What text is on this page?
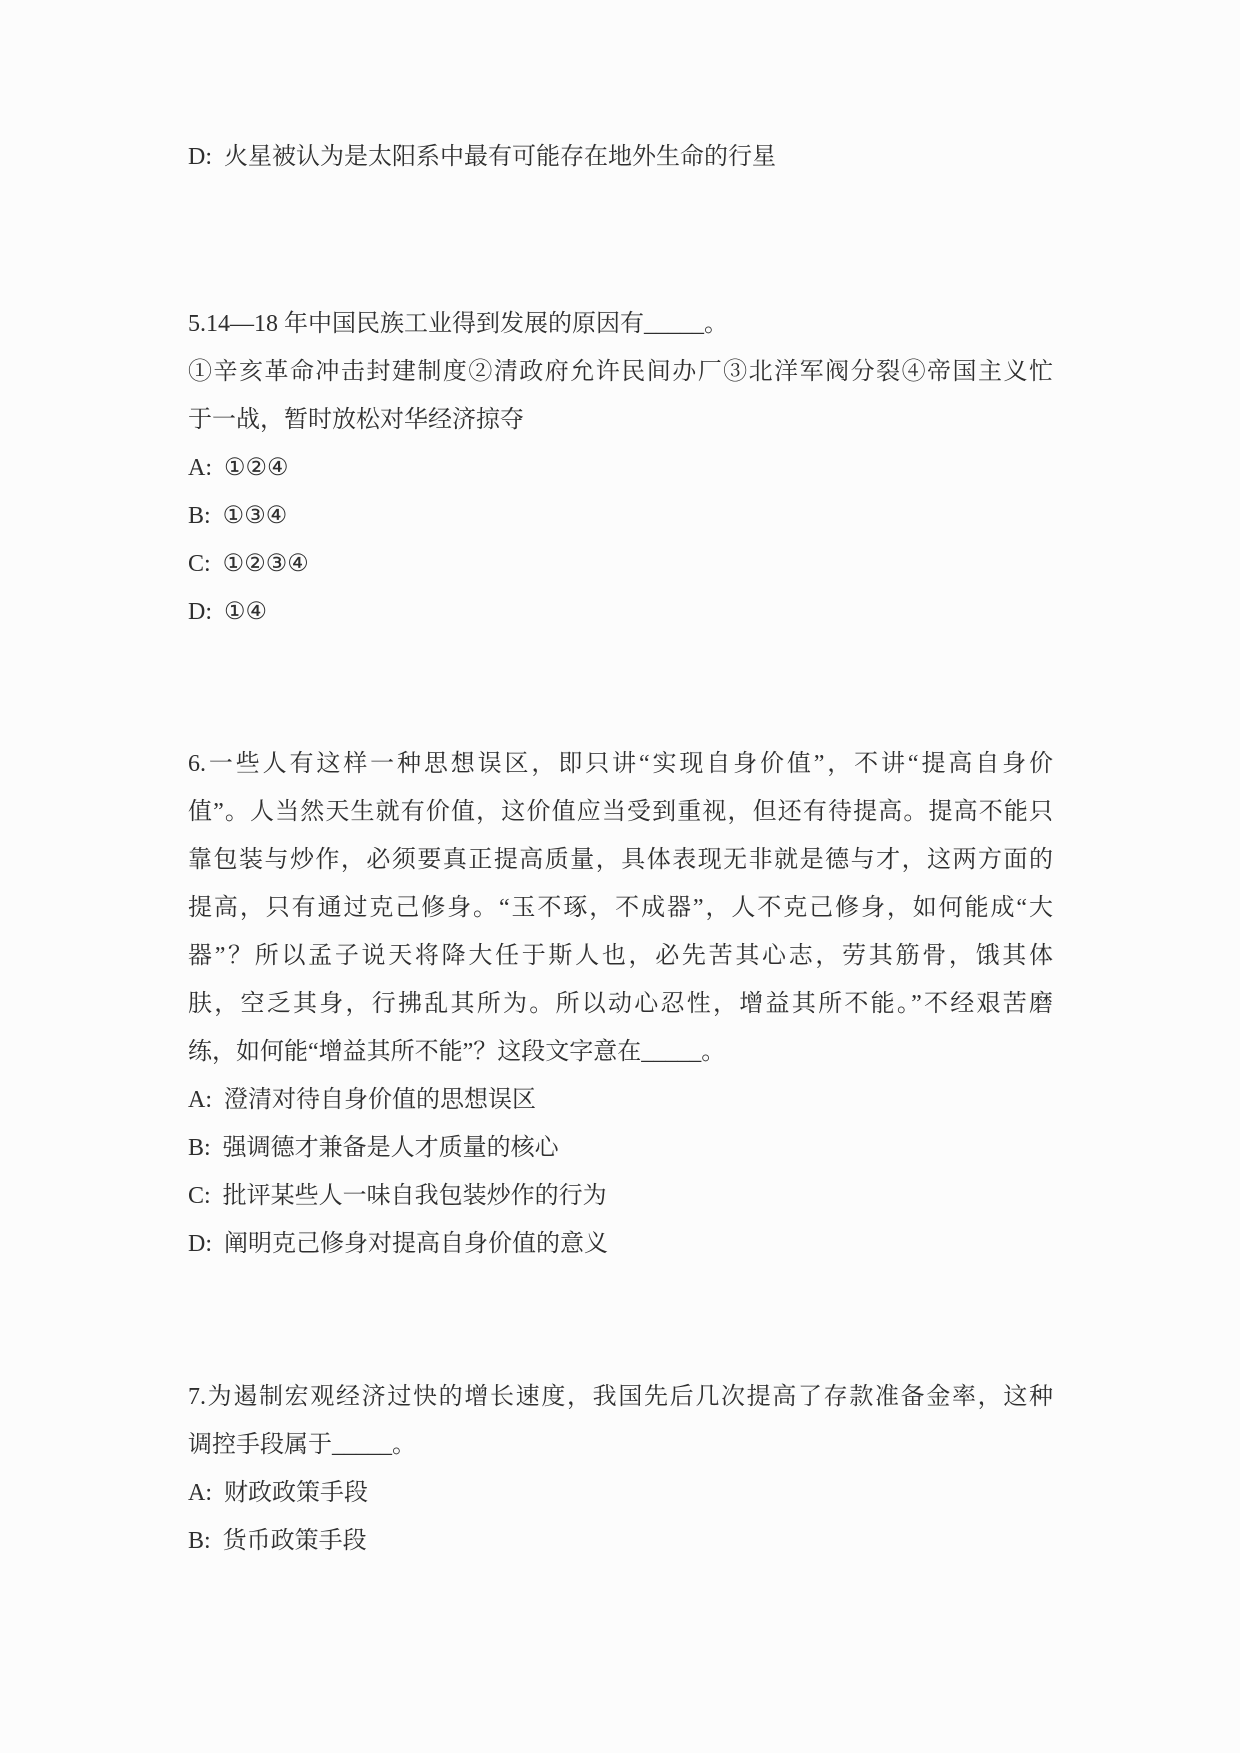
D:  火星被认为是太阳系中最有可能存在地外生命的行星
5.14—18 年中国民族工业得到发展的原因有_____。
①辛亥革命冲击封建制度②清政府允许民间办厂③北洋军阀分裂④帝国主义忙
于一战，暂时放松对华经济掠夺
A:  ①②④
B:  ①③④
C:  ①②③④
D:  ①④
6.一些人有这样一种思想误区，即只讲“实现自身价值”，不讲“提高自身价
值”。人当然天生就有价值，这价值应当受到重视，但还有待提高。提高不能只
靠包装与炒作，必须要真正提高质量，具体表现无非就是德与才，这两方面的
提高，只有通过克己修身。“玉不琢，不成器”，人不克己修身，如何能成“大
器”？所以孟子说天将降大任于斯人也，必先苦其心志，劳其筋骨，饿其体
肤，空乏其身，行拂乱其所为。所以动心忍性，增益其所不能。”不经艰苦磨
练，如何能“增益其所不能”？这段文字意在_____。
A:  澄清对待自身价值的思想误区
B:  强调德才兼备是人才质量的核心
C:  批评某些人一味自我包装炒作的行为
D:  阐明克己修身对提高自身价值的意义
7.为遏制宏观经济过快的增长速度，我国先后几次提高了存款准备金率，这种
调控手段属于_____。
A:  财政政策手段
B:  货币政策手段
